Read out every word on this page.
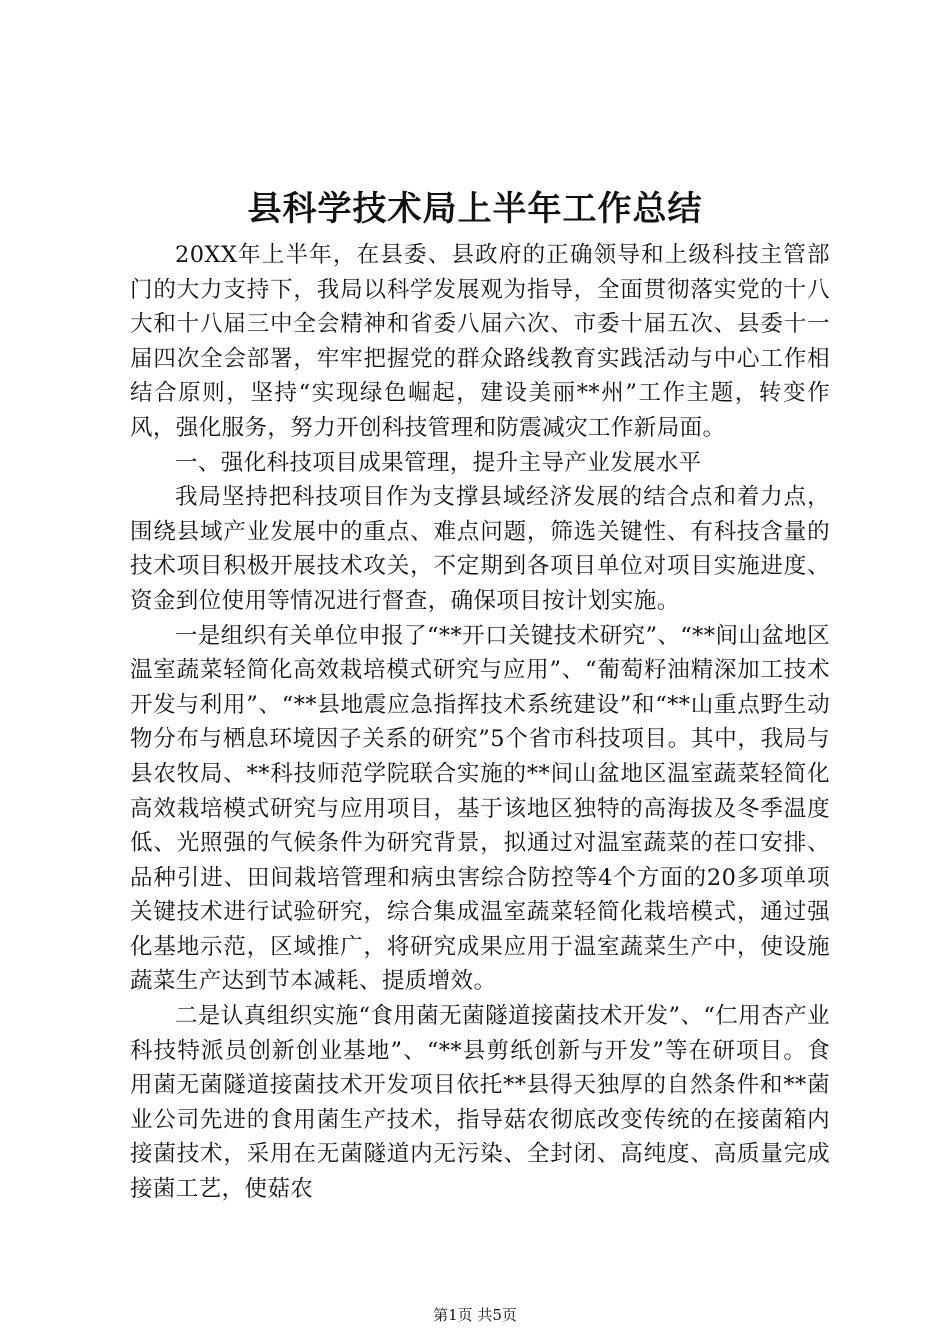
县科学技术局上半年工作总结

20XX年上半年，在县委、县政府的正确领导和上级科技主管部门的大力支持下，我局以科学发展观为指导，全面贯彻落实党的十八大和十八届三中全会精神和省委八届六次、市委十届五次、县委十一届四次全会部署，牢牢把握党的群众路线教育实践活动与中心工作相结合原则，坚持“实现绿色崛起，建设美丽**州”工作主题，转变作风，强化服务，努力开创科技管理和防震减灾工作新局面。

一、强化科技项目成果管理，提升主导产业发展水平

我局坚持把科技项目作为支撑县域经济发展的结合点和着力点，围绕县域产业发展中的重点、难点问题，筛选关键性、有科技含量的技术项目积极开展技术攻关，不定期到各项目单位对项目实施进度、资金到位使用等情况进行督查，确保项目按计划实施。

一是组织有关单位申报了“**开口关键技术研究”、“**间山盆地区温室蔬菜轻简化高效栽培模式研究与应用”、“葡萄籽油精深加工技术开发与利用”、“**县地震应急指挥技术系统建设”和“**山重点野生动物分布与栖息环境因子关系的研究”5个省市科技项目。其中，我局与县农牧局、**科技师范学院联合实施的**间山盆地区温室蔬菜轻简化高效栽培模式研究与应用项目，基于该地区独特的高海拔及冬季温度低、光照强的气候条件为研究背景，拟通过对温室蔬菜的茬口安排、品种引进、田间栽培管理和病虫害综合防控等4个方面的20多项单项关键技术进行试验研究，综合集成温室蔬菜轻简化栽培模式，通过强化基地示范，区域推广，将研究成果应用于温室蔬菜生产中，使设施蔬菜生产达到节本减耗、提质增效。

二是认真组织实施“食用菌无菌隧道接菌技术开发”、“仁用杏产业科技特派员创新创业基地”、“**县剪纸创新与开发”等在研项目。食用菌无菌隧道接菌技术开发项目依托**县得天独厚的自然条件和**菌业公司先进的食用菌生产技术，指导菇农彻底改变传统的在接菌箱内接菌技术，采用在无菌隧道内无污染、全封闭、高纯度、高质量完成接菌工艺，使菇农

第1页 共5页
